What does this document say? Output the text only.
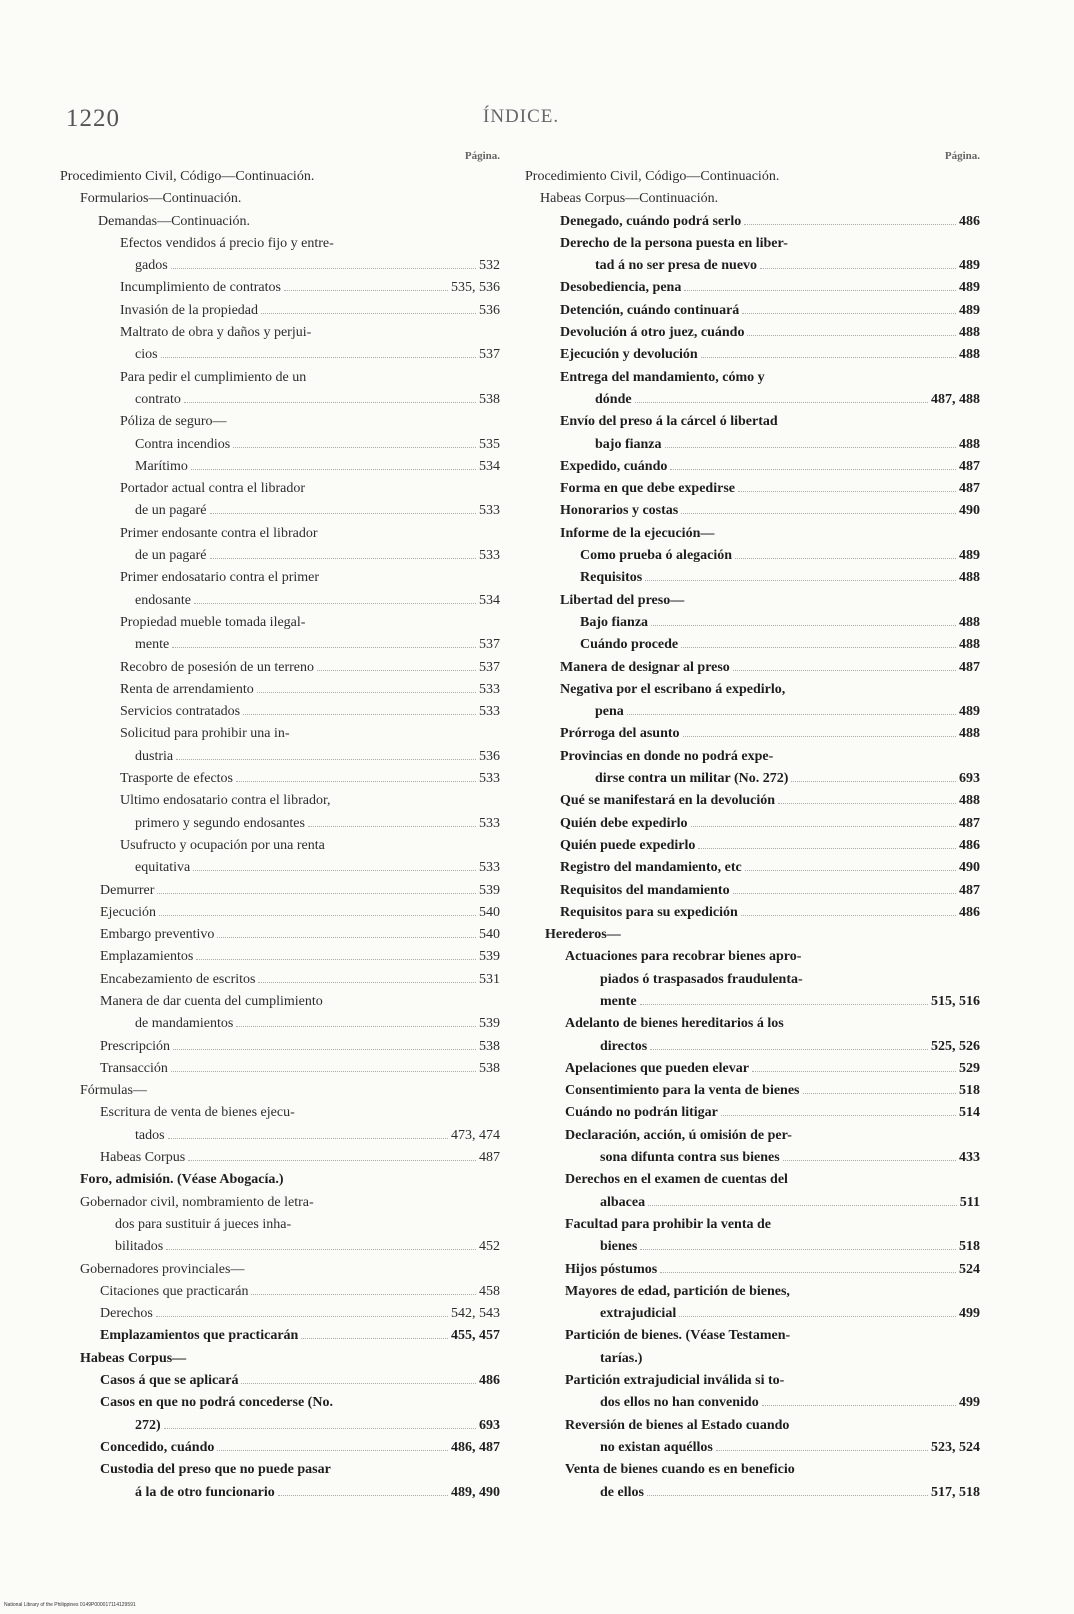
1220	ÍNDICE.
Página.
Procedimiento Civil, Código—Continuación.
Formularios—Continuación.
Demandas—Continuación.
Efectos vendidos á precio fijo y entre-
gados	532
Incumplimiento de contratos	535, 536
Invasión de la propiedad	536
Maltrato de obra y daños y perjui-
cios	537
Para pedir el cumplimiento de un
contrato	538
Póliza de seguro—
Contra incendios	535
Marítimo	534
Portador actual contra el librador
de un pagaré	533
Primer endosante contra el librador
de un pagaré	533
Primer endosatario contra el primer
endosante	534
Propiedad mueble tomada ilegal-
mente	537
Recobro de posesión de un terreno	537
Renta de arrendamiento	533
Servicios contratados	533
Solicitud para prohibir una in-
dustria	536
Trasporte de efectos	533
Ultimo endosatario contra el librador,
primero y segundo endosantes	533
Usufructo y ocupación por una renta
equitativa	533
Demurrer	539
Ejecución	540
Embargo preventivo	540
Emplazamientos	539
Encabezamiento de escritos	531
Manera de dar cuenta del cumplimiento
de mandamientos	539
Prescripción	538
Transacción	538
Fórmulas—
Escritura de venta de bienes ejecu-
tados	473, 474
Habeas Corpus	487
Foro, admisión. (Véase Abogacía.)
Gobernador civil, nombramiento de letra-
dos para sustituir á jueces inha-
bilitados	452
Gobernadores provinciales—
Citaciones que practicarán	458
Derechos	542, 543
Emplazamientos que practicarán	455, 457
Habeas Corpus—
Casos á que se aplicará	486
Casos en que no podrá concederse (No.
272)	693
Concedido, cuándo	486, 487
Custodia del preso que no puede pasar
á la de otro funcionario	489, 490
Página.
Procedimiento Civil, Código—Continuación.
Habeas Corpus—Continuación.
Denegado, cuándo podrá serlo	486
Derecho de la persona puesta en liber-
tad á no ser presa de nuevo	489
Desobediencia, pena	489
Detención, cuándo continuará	489
Devolución á otro juez, cuándo	488
Ejecución y devolución	488
Entrega del mandamiento, cómo y
dónde	487, 488
Envío del preso á la cárcel ó libertad
bajo fianza	488
Expedido, cuándo	487
Forma en que debe expedirse	487
Honorarios y costas	490
Informe de la ejecución—
Como prueba ó alegación	489
Requisitos	488
Libertad del preso—
Bajo fianza	488
Cuándo procede	488
Manera de designar al preso	487
Negativa por el escribano á expedirlo,
pena	489
Prórroga del asunto	488
Provincias en donde no podrá expe-
dirse contra un militar (No. 272)	693
Qué se manifestará en la devolución	488
Quién debe expedirlo	487
Quién puede expedirlo	486
Registro del mandamiento, etc	490
Requisitos del mandamiento	487
Requisitos para su expedición	486
Herederos—
Actuaciones para recobrar bienes apro-
piados ó traspasados fraudulenta-
mente	515, 516
Adelanto de bienes hereditarios á los
directos	525, 526
Apelaciones que pueden elevar	529
Consentimiento para la venta de bienes	518
Cuándo no podrán litigar	514
Declaración, acción, ú omisión de per-
sona difunta contra sus bienes	433
Derechos en el examen de cuentas del
albacea	511
Facultad para prohibir la venta de
bienes	518
Hijos póstumos	524
Mayores de edad, partición de bienes,
extrajudicial	499
Partición de bienes. (Véase Testamen-
tarías.)
Partición extrajudicial inválida si to-
dos ellos no han convenido	499
Reversión de bienes al Estado cuando
no existan aquéllos	523, 524
Venta de bienes cuando es en beneficio
de ellos	517, 518
National Library of the Philippines 0149P000017114129591
